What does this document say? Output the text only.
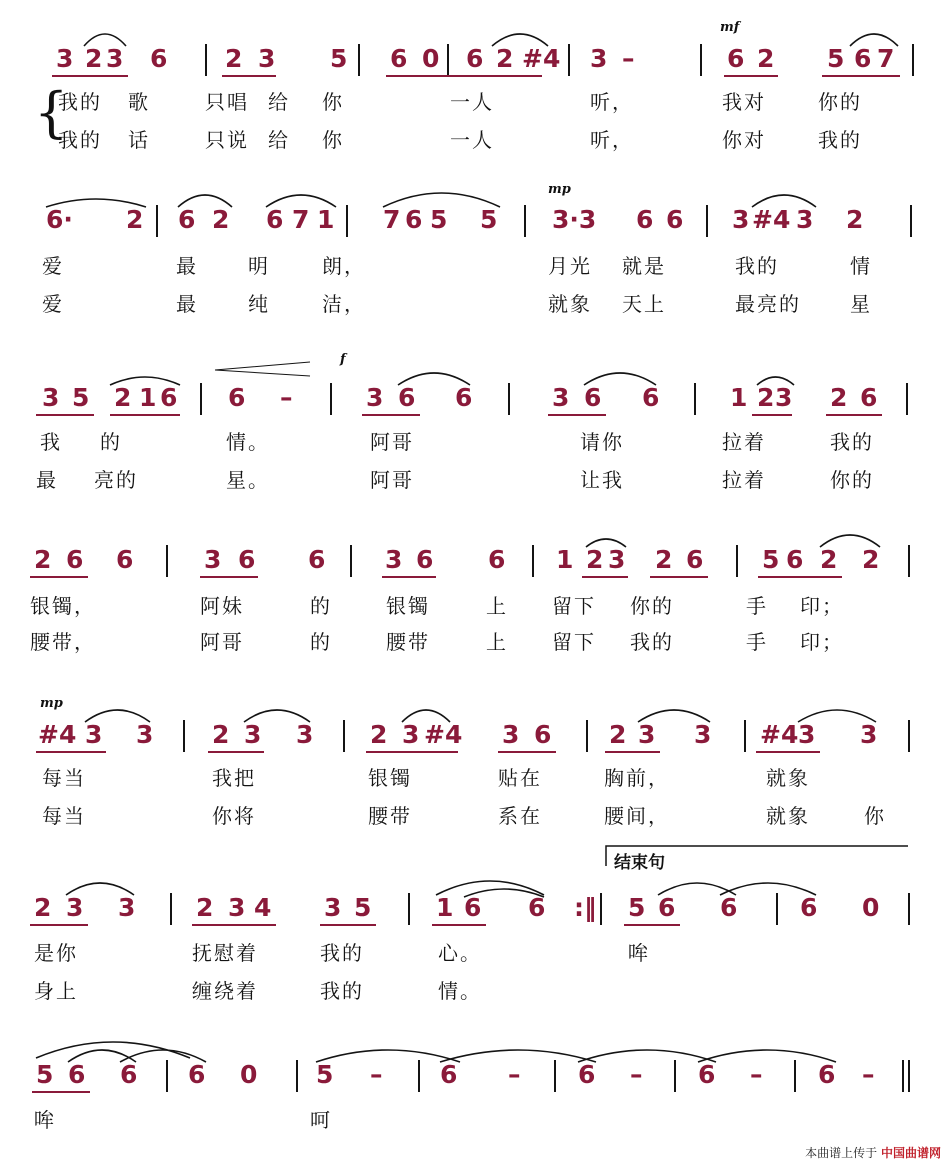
3 2 3 6 2 3 5 6 0 6 2 #4 3 –	6 2 5 6 7
mf
{
6· 2 6 2 6 7 1 7 6 5 5 3·3 6 6 3 #4 3 2
mp
3 5 2 1 6 6 –	3 6 6	3 6 6	1 2 3 2 6
f
2 6 6	3 6 6 3 6 6 1 2 3 2 6 5 6 2 2
#4 3 3 2 3 3 2 3 #4 3 6 2 3 3 #4 3 3
mp
2 3 3 2 3 4 3 5	1 6 6	5 6 6	6 0
:‖
结束句
5 6 6 6 0 5 – 6 – 6 – 6 – 6 –
我的 歌	只唱 给 你	一人	听，	我对	你的
我的 话	只说 给 你	一人	听，	你对	我的
爱	最	明	朗，	月光 就是	我的	情
爱	最	纯	洁，	就象 天上	最亮的 星
我 的	情。	阿哥	请你	拉着	我的
最 亮的	星。	阿哥	让我	拉着	你的
银镯，	阿妹	的	银镯	上 留下 你的	手 印；
腰带，	阿哥	的	腰带	上 留下 我的	手 印；
每当	我把	银镯	贴在	胸前，	就象
每当	你将	腰带	系在	腰间，	就象	你
是你	抚慰着	我的	心。	哞
身上	缠绕着	我的	情。
哞	呵
本曲谱上传于 中国曲谱网
